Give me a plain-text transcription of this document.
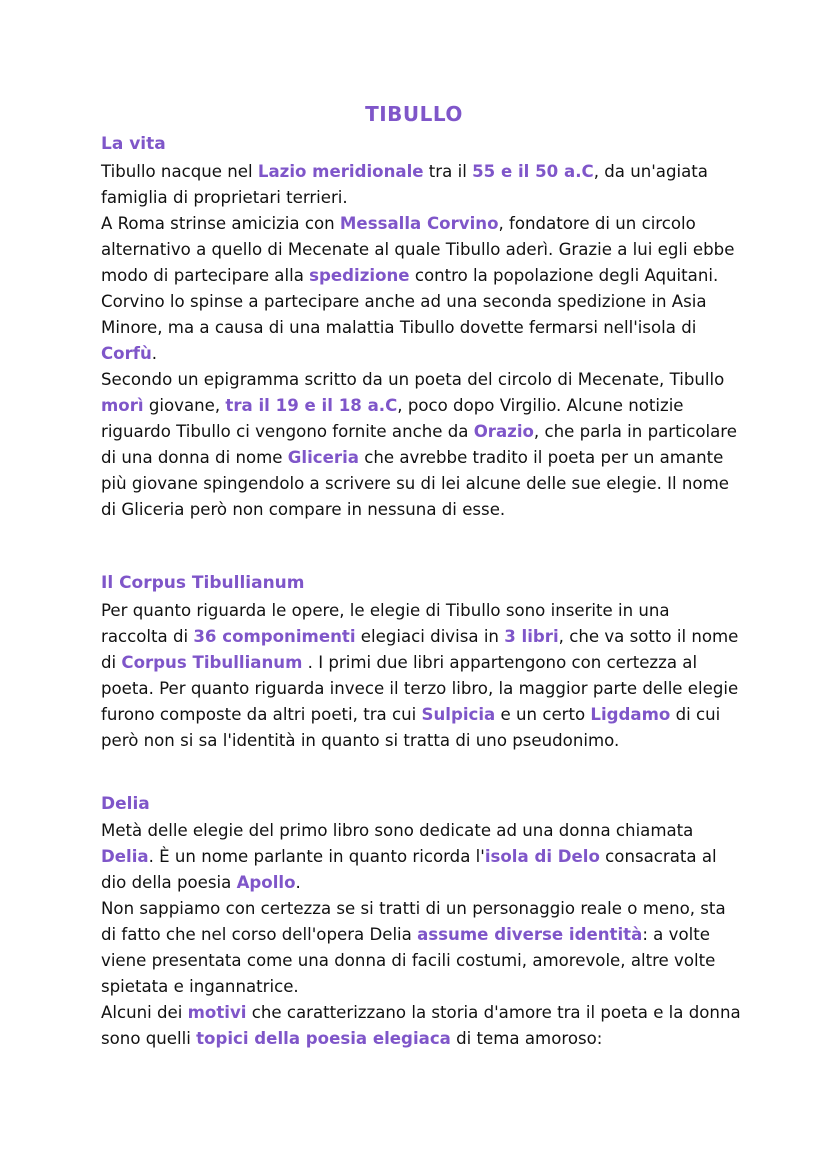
TIBULLO
La vita

Tibullo nacque nel Lazio meridionale tra il 55 e il 50 a.C, da un'agiata famiglia di proprietari terrieri.

A Roma strinse amicizia con Messalla Corvino, fondatore di un circolo alternativo a quello di Mecenate al quale Tibullo aderì. Grazie a lui egli ebbe modo di partecipare alla spedizione contro la popolazione degli Aquitani. Corvino lo spinse a partecipare anche ad una seconda spedizione in Asia Minore, ma a causa di una malattia Tibullo dovette fermarsi nell'isola di Corfù.

Secondo un epigramma scritto da un poeta del circolo di Mecenate, Tibullo morì giovane, tra il 19 e il 18 a.C, poco dopo Virgilio. Alcune notizie riguardo Tibullo ci vengono fornite anche da Orazio, che parla in particolare di una donna di nome Gliceria che avrebbe tradito il poeta per un amante più giovane spingendolo a scrivere su di lei alcune delle sue elegie. Il nome di Gliceria però non compare in nessuna di esse.

Il Corpus Tibullianum

Per quanto riguarda le opere, le elegie di Tibullo sono inserite in una raccolta di 36 componimenti elegiaci divisa in 3 libri, che va sotto il nome di Corpus Tibullianum . I primi due libri appartengono con certezza al poeta. Per quanto riguarda invece il terzo libro, la maggior parte delle elegie furono composte da altri poeti, tra cui Sulpicia e un certo Ligdamo di cui però non si sa l'identità in quanto si tratta di uno pseudonimo.

Delia

Metà delle elegie del primo libro sono dedicate ad una donna chiamata Delia. È un nome parlante in quanto ricorda l'isola di Delo consacrata al dio della poesia Apollo.

Non sappiamo con certezza se si tratti di un personaggio reale o meno, sta di fatto che nel corso dell'opera Delia assume diverse identità: a volte viene presentata come una donna di facili costumi, amorevole, altre volte spietata e ingannatrice.

Alcuni dei motivi che caratterizzano la storia d'amore tra il poeta e la donna sono quelli topici della poesia elegiaca di tema amoroso:
